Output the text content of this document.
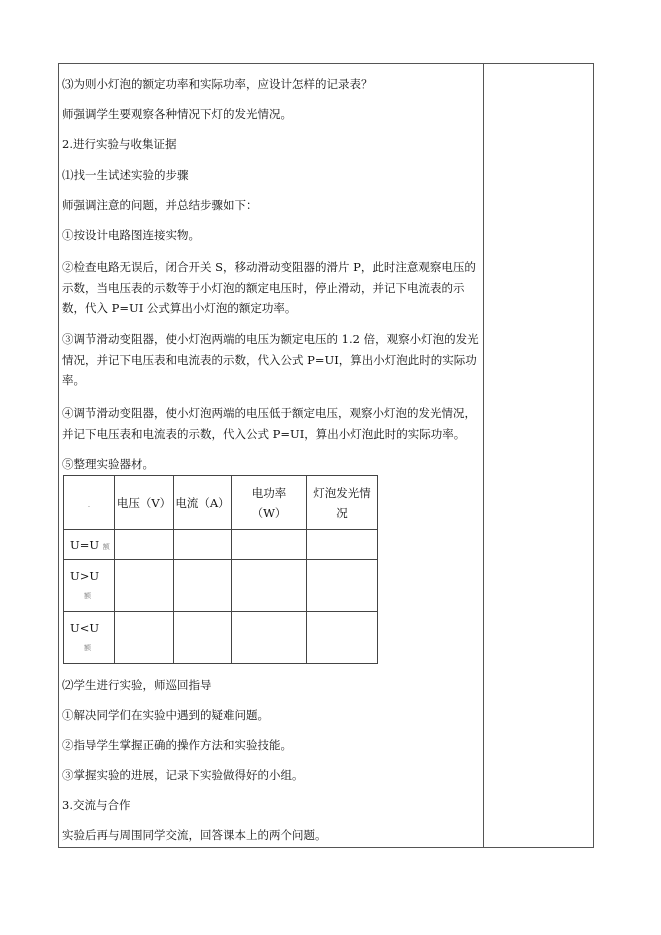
⑶为则小灯泡的额定功率和实际功率，应设计怎样的记录表？
师强调学生要观察各种情况下灯的发光情况。
2.进行实验与收集证据
⑴找一生试述实验的步骤
师强调注意的问题，并总结步骤如下：
①按设计电路图连接实物。
②检查电路无误后，闭合开关 S，移动滑动变阻器的滑片 P，此时注意观察电压的示数，当电压表的示数等于小灯泡的额定电压时，停止滑动，并记下电流表的示数，代入 P=UI 公式算出小灯泡的额定功率。
③调节滑动变阻器，使小灯泡两端的电压为额定电压的 1.2 倍，观察小灯泡的发光情况，并记下电压表和电流表的示数，代入公式 P=UI，算出小灯泡此时的实际功率。
④调节滑动变阻器，使小灯泡两端的电压低于额定电压，观察小灯泡的发光情况，并记下电压表和电流表的示数，代入公式 P=UI，算出小灯泡此时的实际功率。
⑤整理实验器材。
.	电压（V）	电流（A）	电功率（W）	灯泡发光情况
U=U 额				

U>U
额				

U<U
额				

⑵学生进行实验，师巡回指导
①解决同学们在实验中遇到的疑难问题。
②指导学生掌握正确的操作方法和实验技能。
③掌握实验的进展，记录下实验做得好的小组。
3.交流与合作
实验后再与周围同学交流，回答课本上的两个问题。
